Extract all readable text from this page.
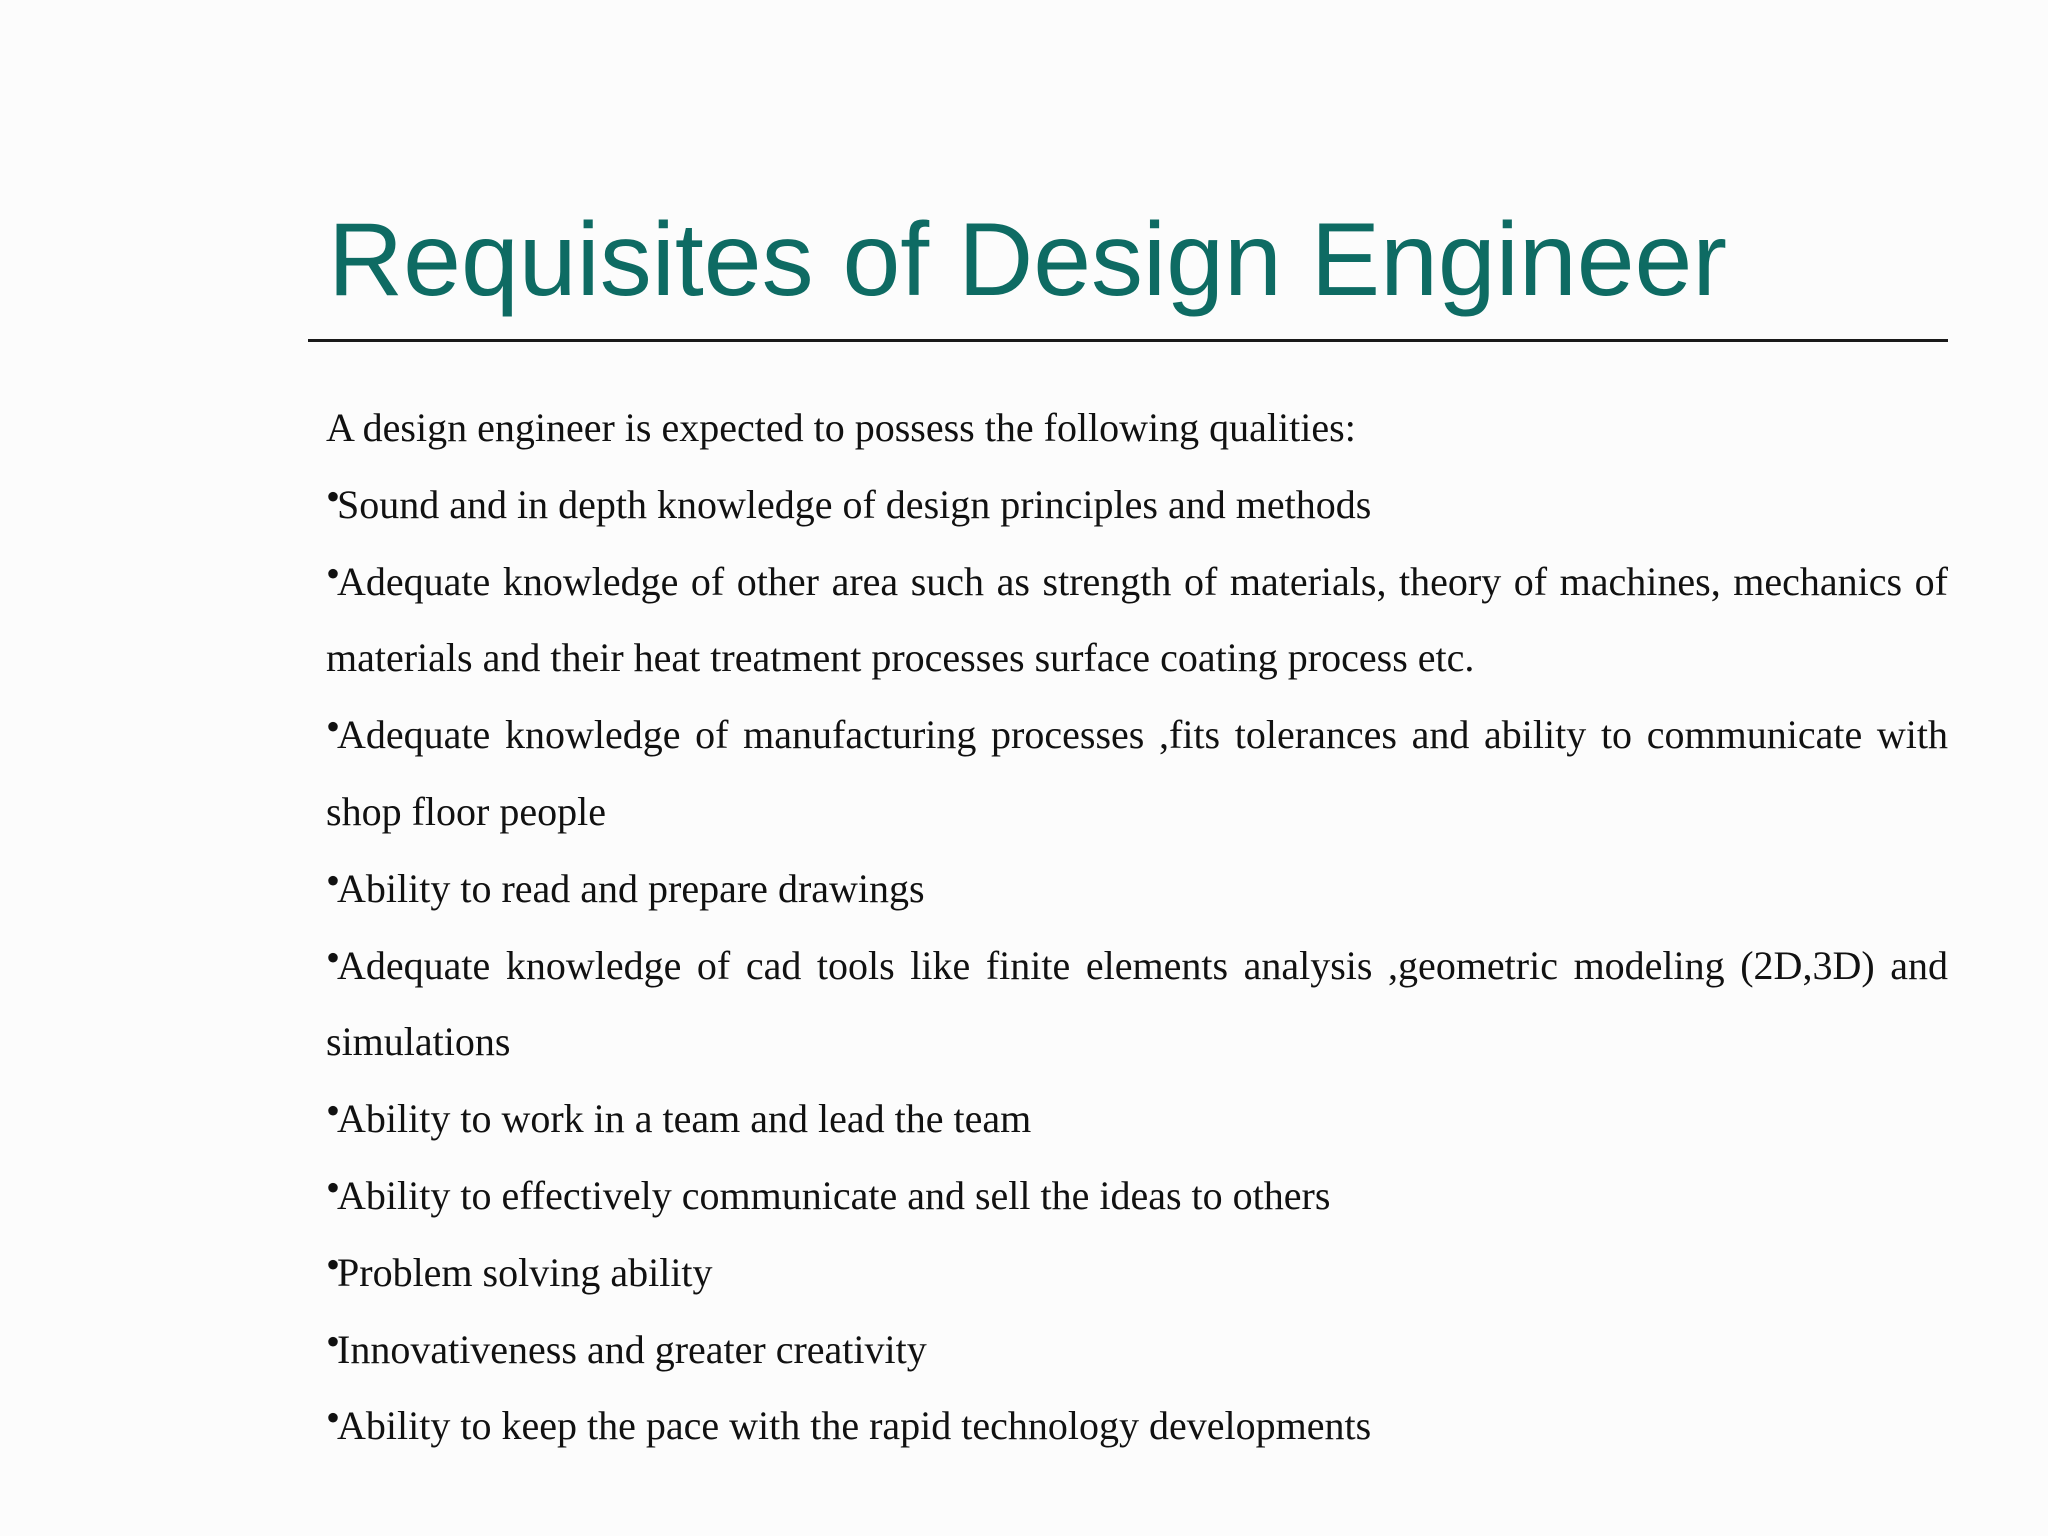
Requisites of Design Engineer

A design engineer is expected to possess the following qualities:

•
Sound and in depth knowledge of design principles and methods

•Adequate knowledge of other area such as strength of materials, theory of machines, mechanics of materials and their heat treatment processes surface coating process etc.

•Adequate knowledge of manufacturing processes ,fits tolerances and ability to communicate with shop floor people

•Ability to read and prepare drawings

•Adequate knowledge of cad tools like finite elements analysis ,geometric modeling (2D,3D) and simulations

•Ability to work in a team and lead the team

•Ability to effectively communicate and sell the ideas to others

•Problem solving ability

•Innovativeness and greater creativity

•Ability to keep the pace with the rapid technology developments
